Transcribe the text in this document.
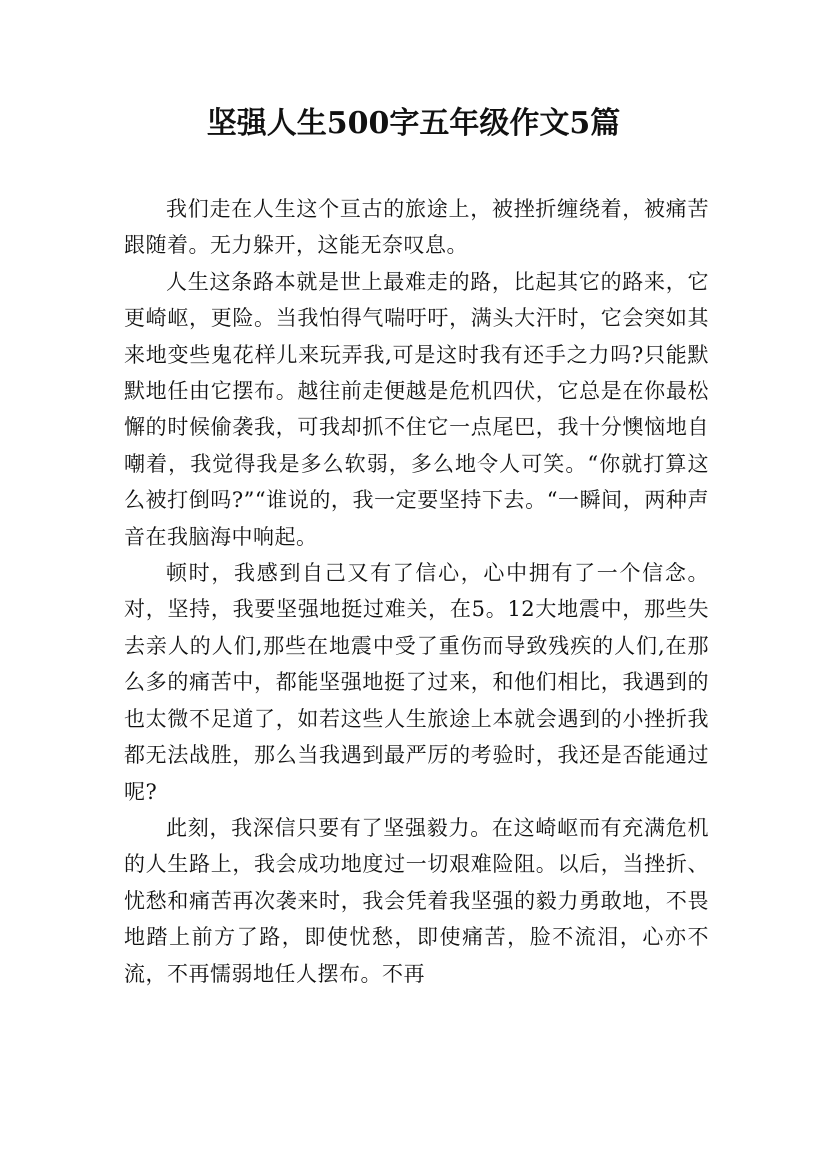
坚强人生500字五年级作文5篇

我们走在人生这个亘古的旅途上，被挫折缠绕着，被痛苦跟随着。无力躲开，这能无奈叹息。

人生这条路本就是世上最难走的路，比起其它的路来，它更崎岖，更险。当我怕得气喘吁吁，满头大汗时，它会突如其来地变些鬼花样儿来玩弄我,可是这时我有还手之力吗?只能默默地任由它摆布。越往前走便越是危机四伏，它总是在你最松懈的时候偷袭我，可我却抓不住它一点尾巴，我十分懊恼地自嘲着，我觉得我是多么软弱，多么地令人可笑。“你就打算这么被打倒吗?”“谁说的，我一定要坚持下去。“一瞬间，两种声音在我脑海中响起。

顿时，我感到自己又有了信心，心中拥有了一个信念。对，坚持，我要坚强地挺过难关，在5。12大地震中，那些失去亲人的人们,那些在地震中受了重伤而导致残疾的人们,在那么多的痛苦中，都能坚强地挺了过来，和他们相比，我遇到的也太微不足道了，如若这些人生旅途上本就会遇到的小挫折我都无法战胜，那么当我遇到最严厉的考验时，我还是否能通过呢?

此刻，我深信只要有了坚强毅力。在这崎岖而有充满危机的人生路上，我会成功地度过一切艰难险阻。以后，当挫折、忧愁和痛苦再次袭来时，我会凭着我坚强的毅力勇敢地，不畏地踏上前方了路，即使忧愁，即使痛苦，脸不流泪，心亦不流，不再懦弱地任人摆布。不再
